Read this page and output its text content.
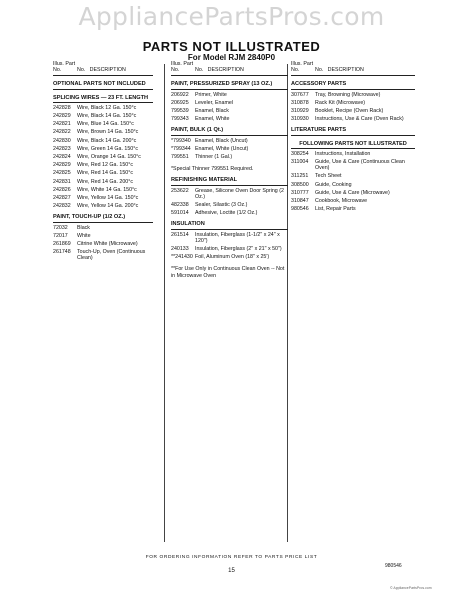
AppliancePartsPros.com
PARTS NOT ILLUSTRATED
For Model RJM 2840P0
Illus. Part
No.	No.
DESCRIPTION
OPTIONAL PARTS NOT INCLUDED
SPLICING WIRES — 23 FT. LENGTH
242828	Wire, Black 12 Ga. 150°c
242829	Wire, Black 14 Ga. 150°c
242821	Wire, Blue 14 Ga. 150°c
242822	Wire, Brown 14 Ga. 150°c
242830	Wire, Black 14 Ga. 200°c
242823	Wire, Green 14 Ga. 150°c
242824	Wire, Orange 14 Ga. 150°c
242829	Wire, Red 12 Ga. 150°c
242825	Wire, Red 14 Ga. 150°c
242831	Wire, Red 14 Ga. 200°c
242826	Wire, White 14 Ga. 150°c
242827	Wire, Yellow 14 Ga. 150°c
242832	Wire, Yellow 14 Ga. 200°c
PAINT, TOUCH-UP (1/2 OZ.)
72032	Black
72017	White
261869	Citrine White (Microwave)
261748	Touch-Up, Oven (Continuous Clean)
Illus. Part
No.	No.
DESCRIPTION
PAINT, PRESSURIZED SPRAY (13 OZ.)
206922	Primer, White
206925	Leveler, Enamel
799539	Enamel, Black
799343	Enamel, White
PAINT, BULK (1 Qt.)
*799340 Enamel, Black (Uncut)
*799344 Enamel, White (Uncut)
799551	Thinner (1 Gal.)
*Special Thinner 799551 Required.
REFINISHING MATERIAL
253622	Grease, Silicone Oven Door Spring (2 Oz.)
482338	Sealer, Silastic (3 Oz.)
591014	Adhesive, Loctite (1/2 Oz.)
INSULATION
261514	Insulation, Fiberglass (1-1/2" x 24" x 120")
240133	Insulation, Fiberglass (2" x 21" x 50")
**241430 Foil, Aluminum Oven (18" x 25')
**For Use Only in Continuous Clean Oven -- Not in Microwave Oven
Illus. Part
No.	No.
DESCRIPTION
ACCESSORY PARTS
307677	Tray, Browning (Microwave)
310878	Rack Kit (Microwave)
310929	Booklet, Recipe (Oven Rack)
310930	Instructions, Use & Care (Oven Rack)
LITERATURE PARTS
FOLLOWING PARTS NOT ILLUSTRATED
308254	Instructions, Installation
311004	Guide, Use & Care (Continuous Clean Oven)
311251	Tech Sheet
308500	Guide, Cooking
310777	Guide, Use & Care (Microwave)
310847	Cookbook, Microwave
980546	List, Repair Parts
FOR ORDERING INFORMATION REFER TO PARTS PRICE LIST
980546
15
© AppliancePartsPros.com
